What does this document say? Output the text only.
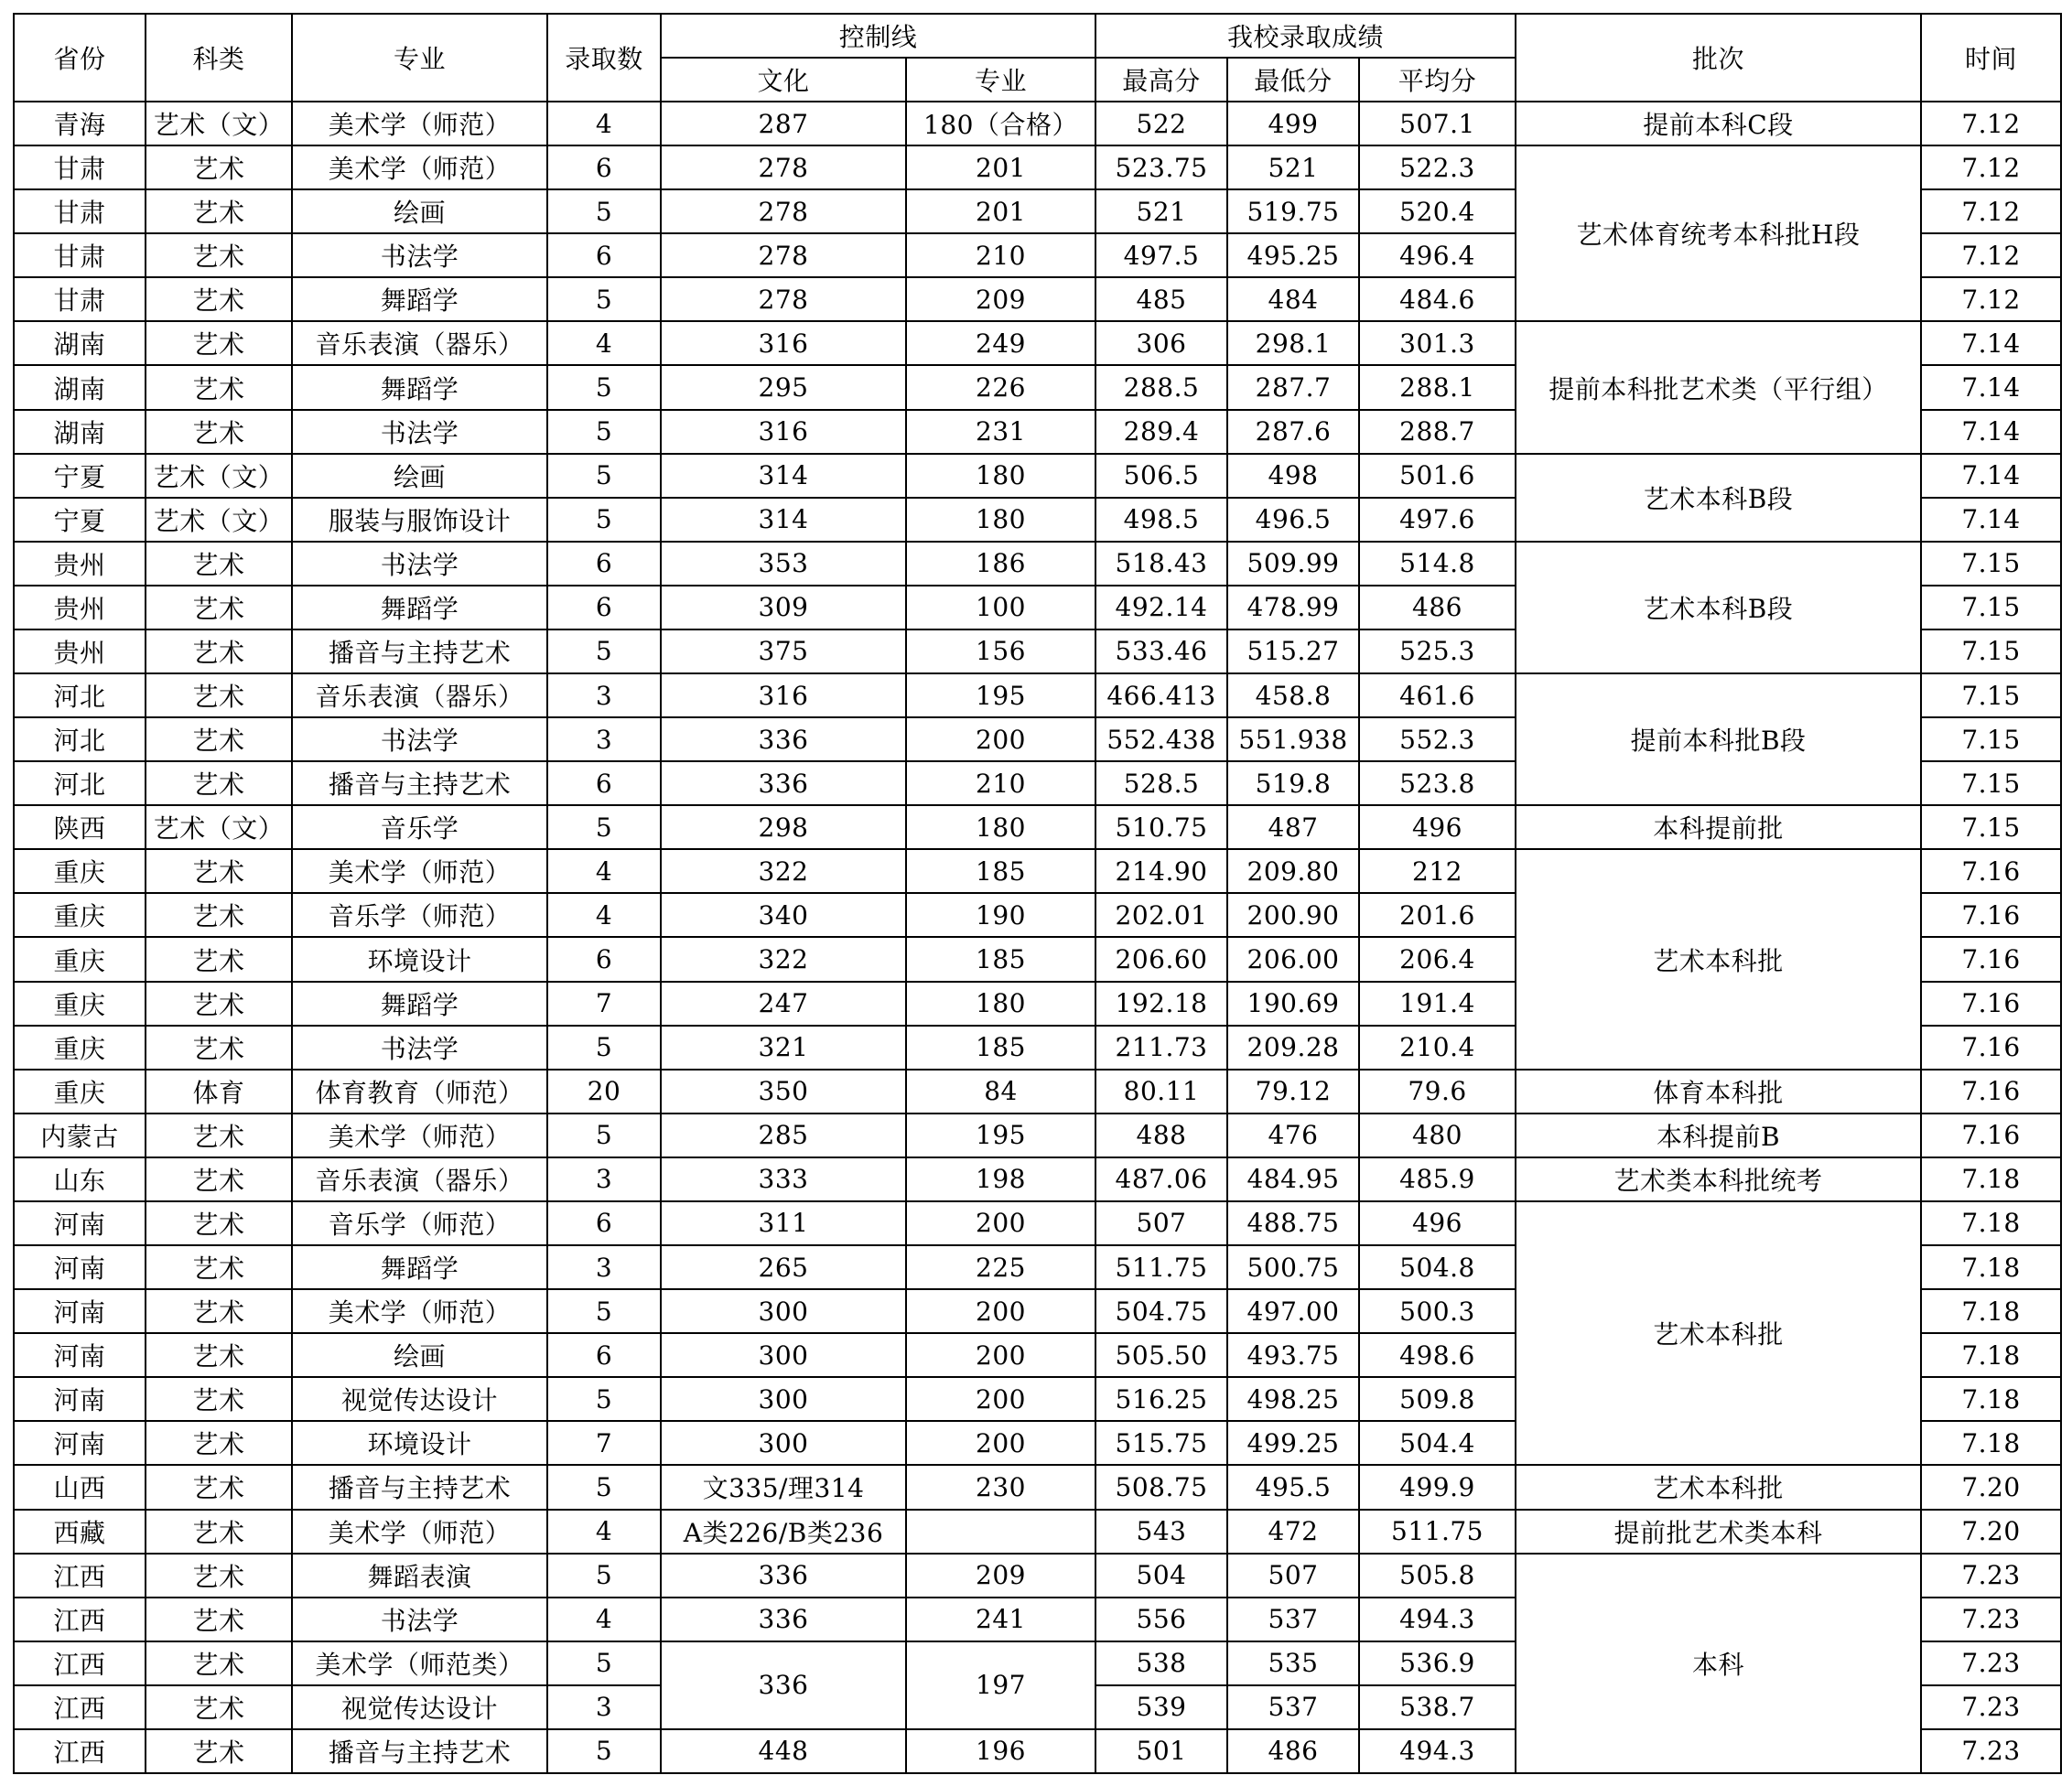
省份	科类	专业	录取数	控制线		我校录取成绩			批次	时间
				文化	专业	最高分	最低分	平均分		
青海	艺术（文）	美术学（师范）	4	287	180（合格）	522	499	507.1	提前本科C段	7.12
甘肃	艺术	美术学（师范）	6	278	201	523.75	521	522.3	艺术体育统考本科批H段	7.12
甘肃	艺术	绘画	5	278	201	521	519.75	520.4		7.12
甘肃	艺术	书法学	6	278	210	497.5	495.25	496.4		7.12
甘肃	艺术	舞蹈学	5	278	209	485	484	484.6		7.12
湖南	艺术	音乐表演（器乐）	4	316	249	306	298.1	301.3	提前本科批艺术类（平行组）	7.14
湖南	艺术	舞蹈学	5	295	226	288.5	287.7	288.1		7.14
湖南	艺术	书法学	5	316	231	289.4	287.6	288.7		7.14
宁夏	艺术（文）	绘画	5	314	180	506.5	498	501.6	艺术本科B段	7.14
宁夏	艺术（文）	服装与服饰设计	5	314	180	498.5	496.5	497.6		7.14
贵州	艺术	书法学	6	353	186	518.43	509.99	514.8	艺术本科B段	7.15
贵州	艺术	舞蹈学	6	309	100	492.14	478.99	486		7.15
贵州	艺术	播音与主持艺术	5	375	156	533.46	515.27	525.3		7.15
河北	艺术	音乐表演（器乐）	3	316	195	466.413	458.8	461.6	提前本科批B段	7.15
河北	艺术	书法学	3	336	200	552.438	551.938	552.3		7.15
河北	艺术	播音与主持艺术	6	336	210	528.5	519.8	523.8		7.15
陕西	艺术（文）	音乐学	5	298	180	510.75	487	496	本科提前批	7.15
重庆	艺术	美术学（师范）	4	322	185	214.90	209.80	212	艺术本科批	7.16
重庆	艺术	音乐学（师范）	4	340	190	202.01	200.90	201.6		7.16
重庆	艺术	环境设计	6	322	185	206.60	206.00	206.4		7.16
重庆	艺术	舞蹈学	7	247	180	192.18	190.69	191.4		7.16
重庆	艺术	书法学	5	321	185	211.73	209.28	210.4		7.16
重庆	体育	体育教育（师范）	20	350	84	80.11	79.12	79.6	体育本科批	7.16
内蒙古	艺术	美术学（师范）	5	285	195	488	476	480	本科提前B	7.16
山东	艺术	音乐表演（器乐）	3	333	198	487.06	484.95	485.9	艺术类本科批统考	7.18
河南	艺术	音乐学（师范）	6	311	200	507	488.75	496	艺术本科批	7.18
河南	艺术	舞蹈学	3	265	225	511.75	500.75	504.8		7.18
河南	艺术	美术学（师范）	5	300	200	504.75	497.00	500.3		7.18
河南	艺术	绘画	6	300	200	505.50	493.75	498.6		7.18
河南	艺术	视觉传达设计	5	300	200	516.25	498.25	509.8		7.18
河南	艺术	环境设计	7	300	200	515.75	499.25	504.4		7.18
山西	艺术	播音与主持艺术	5	文335/理314	230	508.75	495.5	499.9	艺术本科批	7.20
西藏	艺术	美术学（师范）	4	A类226/B类236		543	472	511.75	提前批艺术类本科	7.20
江西	艺术	舞蹈表演	5	336	209	504	507	505.8	本科	7.23
江西	艺术	书法学	4	336	241	556	537	494.3		7.23
江西	艺术	美术学（师范类）	5	336	197	538	535	536.9		7.23
江西	艺术	视觉传达设计	3			539	537	538.7		7.23
江西	艺术	播音与主持艺术	5	448	196	501	486	494.3		7.23
